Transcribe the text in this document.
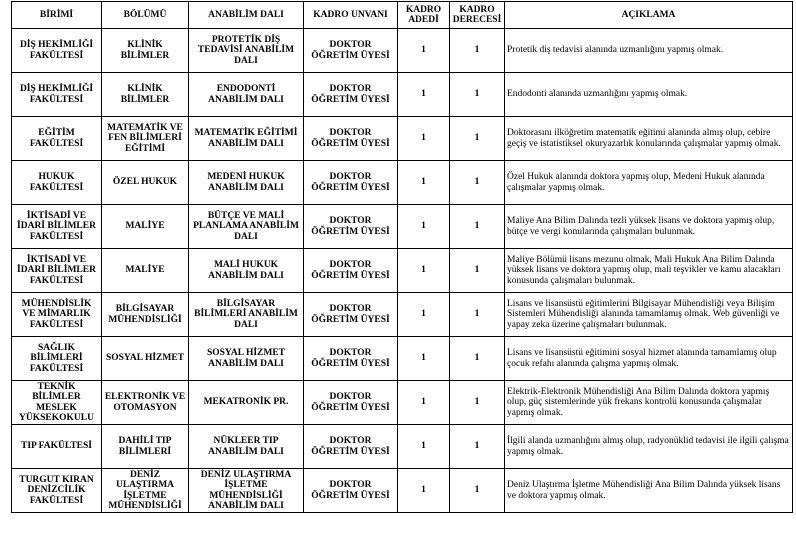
BİRİMİ	BÖLÜMÜ	ANABİLİM DALI	KADRO UNVANI	KADRO ADEDİ	KADRO DERECESİ	AÇIKLAMA
DİŞ HEKİMLİĞİ FAKÜLTESİ	KLİNİK BİLİMLER	PROTETİK DİŞ TEDAVİSİ ANABİLİM DALI	DOKTOR ÖĞRETİM ÜYESİ	1	1	Protetik diş tedavisi alanında uzmanlığını yapmış olmak.
DİŞ HEKİMLİĞİ FAKÜLTESİ	KLİNİK BİLİMLER	ENDODONTİ ANABİLİM DALI	DOKTOR ÖĞRETİM ÜYESİ	1	1	Endodonti alanında uzmanlığını yapmış olmak.
EĞİTİM FAKÜLTESİ	MATEMATİK VE FEN BİLİMLERİ EĞİTİMİ	MATEMATİK EĞİTİMİ ANABİLİM DALI	DOKTOR ÖĞRETİM ÜYESİ	1	1	Doktorasını ilköğretim matematik eğitimi alanında almış olup, cebire geçiş ve istatistiksel okuryazarlık konularında çalışmalar yapmış olmak.
HUKUK FAKÜLTESİ	ÖZEL HUKUK	MEDENİ HUKUK ANABİLİM DALI	DOKTOR ÖĞRETİM ÜYESİ	1	1	Özel Hukuk alanında doktora yapmış olup, Medeni Hukuk alanında çalışmalar yapmış olmak.
İKTİSADİ VE İDARİ BİLİMLER FAKÜLTESİ	MALİYE	BÜTÇE VE MALİ PLANLAMA ANABİLİM DALI	DOKTOR ÖĞRETİM ÜYESİ	1	1	Maliye Ana Bilim Dalında tezli yüksek lisans ve doktora yapmış olup, bütçe ve vergi konularında çalışmaları bulunmak.
İKTİSADİ VE İDARİ BİLİMLER FAKÜLTESİ	MALİYE	MALİ HUKUK ANABİLİM DALI	DOKTOR ÖĞRETİM ÜYESİ	1	1	Maliye Bölümü lisans mezunu olmak, Mali Hukuk Ana Bilim Dalında yüksek lisans ve doktora yapmış olup, mali teşvikler ve kamu alacakları konusunda çalışmaları bulunmak.
MÜHENDİSLİK VE MİMARLIK FAKÜLTESİ	BİLGİSAYAR MÜHENDİSLİĞİ	BİLGİSAYAR BİLİMLERİ ANABİLİM DALI	DOKTOR ÖĞRETİM ÜYESİ	1	1	Lisans ve lisansüstü eğitimlerini Bilgisayar Mühendisliği veya Bilişim Sistemleri Mühendisliği alanında tamamlamış olmak. Web güvenliği ve yapay zeka üzerine çalışmaları bulunmak.
SAĞLIK BİLİMLERİ FAKÜLTESİ	SOSYAL HİZMET	SOSYAL HİZMET ANABİLİM DALI	DOKTOR ÖĞRETİM ÜYESİ	1	1	Lisans ve lisansüstü eğitimini sosyal hizmet alanında tamamlamış olup çocuk refahı alanında çalışma yapmış olmak.
TEKNİK BİLİMLER MESLEK YÜKSEKOKULU	ELEKTRONİK VE OTOMASYON	MEKATRONİK PR.	DOKTOR ÖĞRETİM ÜYESİ	1	1	Elektrik-Elektronik Mühendisliği Ana Bilim Dalında doktora yapmış olup, güç sistemlerinde yük frekans kontrolü konusunda çalışmalar yapmış olmak.
TIP FAKÜLTESİ	DAHİLİ TIP BİLİMLERİ	NÜKLEER TIP ANABİLİM DALI	DOKTOR ÖĞRETİM ÜYESİ	1	1	İlgili alanda uzmanlığını almış olup, radyonüklid tedavisi ile ilgili çalışma yapmış olmak.
TURGUT KIRAN DENİZCİLİK FAKÜLTESİ	DENİZ ULAŞTIRMA İŞLETME MÜHENDİSLİĞİ	DENİZ ULAŞTIRMA İŞLETME MÜHENDİSLİĞİ ANABİLİM DALI	DOKTOR ÖĞRETİM ÜYESİ	1	1	Deniz Ulaştırma İşletme Mühendisliği Ana Bilim Dalında yüksek lisans ve doktora yapmış olmak.
